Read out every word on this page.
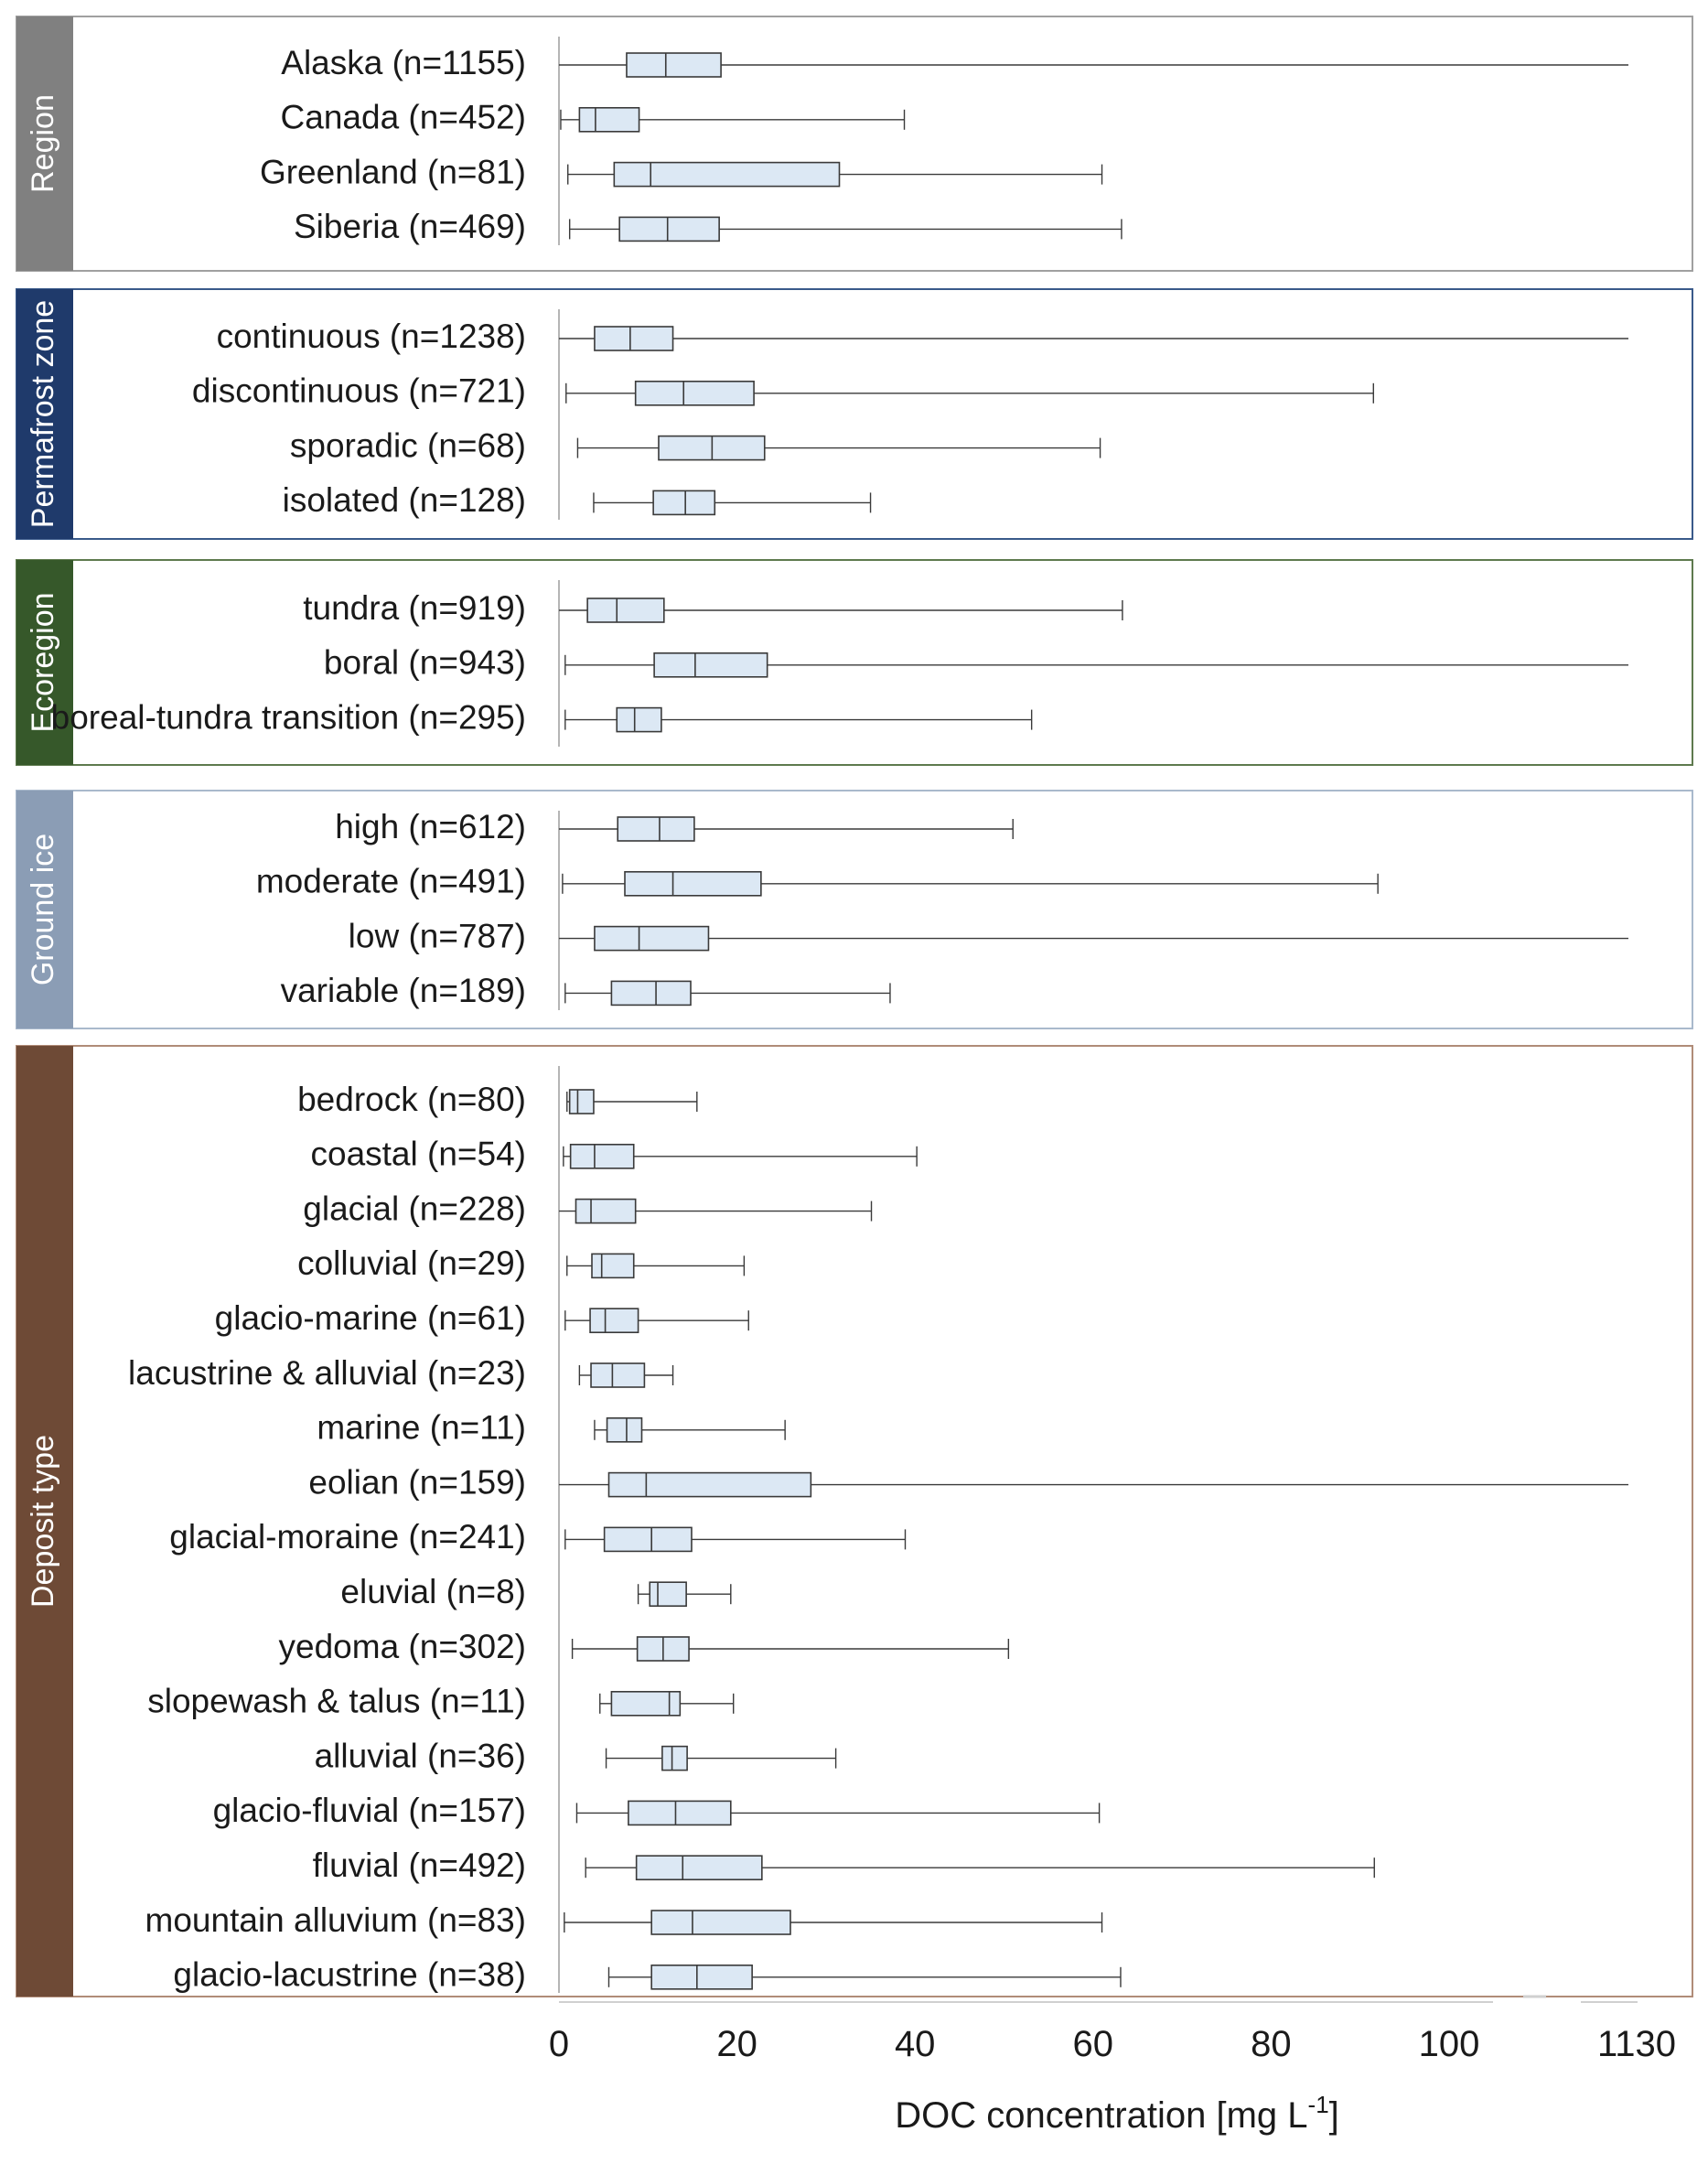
Region
Alaska (n=1155)
Canada (n=452)
Greenland (n=81)
Siberia (n=469)
Permafrost zone	continuous (n=1238)
discontinuous (n=721)
sporadic (n=68)
isolated (n=128)
Ecoregion	tundra (n=919)
boral (n=943)
boreal-tundra transition (n=295)
Ground ice
high (n=612)
moderate (n=491)
low (n=787)
variable (n=189)
Deposit type
bedrock (n=80)
coastal (n=54)
glacial (n=228)
colluvial (n=29)
glacio-marine (n=61)
lacustrine & alluvial (n=23)
marine (n=11)
eolian (n=159)
glacial-moraine (n=241)
eluvial (n=8)
yedoma (n=302)
slopewash & talus (n=11)
alluvial (n=36)
glacio-fluvial (n=157)
fluvial (n=492)
mountain alluvium (n=83)
glacio-lacustrine (n=38)
0	20	40	60	80	100	1130
DOC concentration [mg $L^{-1}$]
